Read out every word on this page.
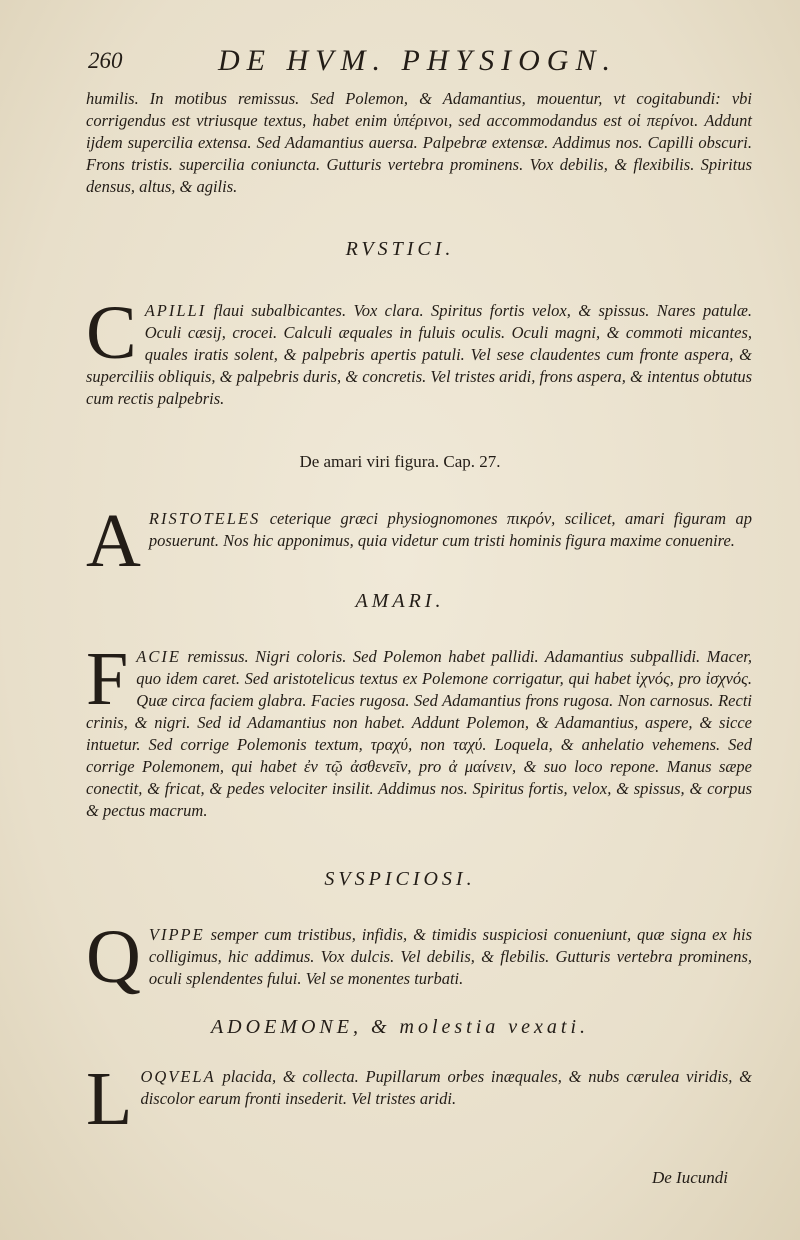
260	DE HVM. PHYSIOGN.

humilis. In motibus remissus. Sed Polemon, & Adamantius, mouentur, vt cogitabundi: vbi corrigendus est vtriusque textus, habet enim ὑπέρινοι, sed accommodandus est οἱ περίνοι. Addunt ijdem supercilia extensa. Sed Adamantius auersa. Palpebræ extensæ. Addimus nos. Capilli obscuri. Frons tristis. supercilia coniuncta. Gutturis vertebra prominens. Vox debilis, & flexibilis. Spiritus densus, altus, & agilis.

RVSTICI.
C APILLI flaui subalbicantes. Vox clara. Spiritus fortis velox, & spissus. Nares patulæ. Oculi cæsij, crocei. Calculi æquales in fuluis oculis. Oculi magni, & commoti micantes, quales iratis solent, & palpebris apertis patuli. Vel sese claudentes cum fronte aspera, & superciliis obliquis, & palpebris duris, & concretis. Vel tristes aridi, frons aspera, & intentus obtutus cum rectis palpebris.
De amari viri figura. Cap. 27.
A RISTOTELES ceterique græci physiognomones πικρόν, scilicet, amari figuram ap posuerunt. Nos hic apponimus, quia videtur cum tristi hominis figura maxime conuenire.
AMARI.
F ACIE remissus. Nigri coloris. Sed Polemon habet pallidi. Adamantius subpallidi. Macer, quo idem caret. Sed aristotelicus textus ex Polemone corrigatur, qui habet ἰχνός, pro ἰσχνός. Quæ circa faciem glabra. Facies rugosa. Sed Adamantius frons rugosa. Non carnosus. Recti crinis, & nigri. Sed id Adamantius non habet. Addunt Polemon, & Adamantius, aspere, & sicce intuetur. Sed corrige Polemonis textum, τραχύ, non ταχύ. Loquela, & anhelatio vehemens. Sed corrige Polemonem, qui habet ἐν τῷ ἀσθενεῖν, pro ἀ μαίνειν, & suo loco repone. Manus sæpe conectit, & fricat, & pedes velociter insilit. Addimus nos. Spiritus fortis, velox, & spissus, & corpus & pectus macrum.
SVSPICIOSI.
Q VIPPE semper cum tristibus, infidis, & timidis suspiciosi conueniunt, quæ signa ex his colligimus, hic addimus. Vox dulcis. Vel debilis, & flebilis. Gutturis vertebra prominens, oculi splendentes fului. Vel se monentes turbati.
ADOEMONE, & molestia vexati.
L OQVELA placida, & collecta. Pupillarum orbes inæquales, & nubs cærulea viridis, & discolor earum fronti insederit. Vel tristes aridi.
De Iucundi
